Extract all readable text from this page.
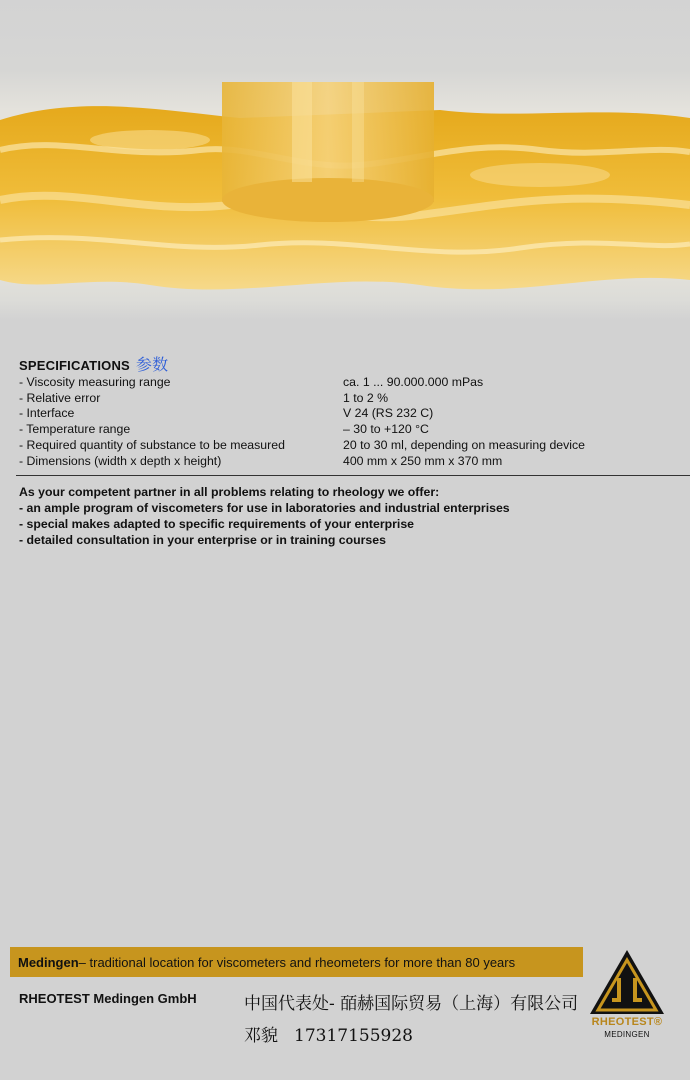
SPECIFICATIONS 参数
- Viscosity measuring range	ca. 1 ... 90.000.000 mPas
- Relative error	1 to 2 %
- Interface	V 24 (RS 232 C)
- Temperature range	– 30 to +120 °C
- Required quantity of substance to be measured	20 to 30 ml, depending on measuring device
- Dimensions (width x depth x height)	400 mm x 250 mm x 370 mm
As your competent partner in all problems relating to rheology we offer:
- an ample program of viscometers for use in laboratories and industrial enterprises
- special makes adapted to specific requirements of your enterprise
- detailed consultation in your enterprise or in training courses
Medingen – traditional location for viscometers and rheometers for more than 80 years
RHEOTEST Medingen GmbH	中国代表处- 皕赫国际贸易（上海）有限公司
邓貌 17317155928
RHEOTEST®
MEDINGEN
